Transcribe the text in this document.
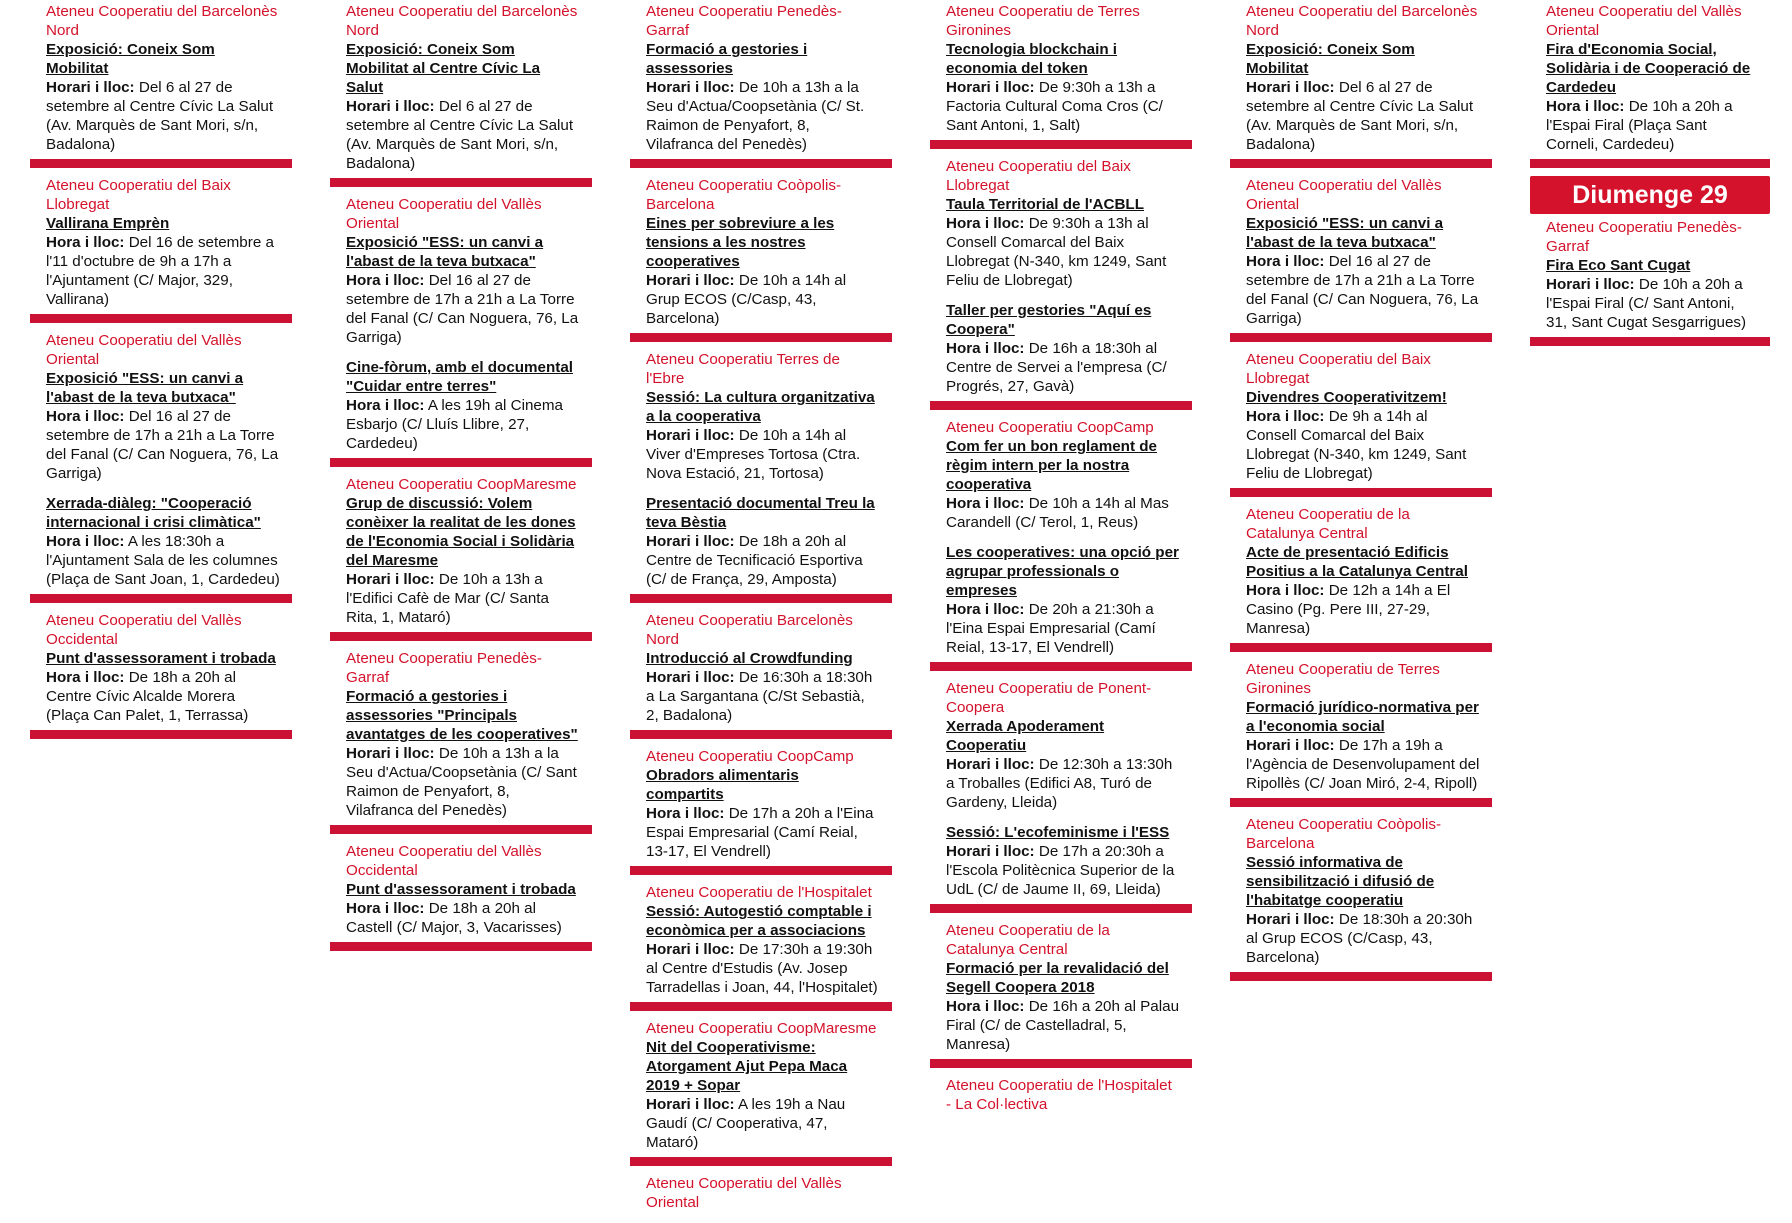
Ateneu Cooperatiu del Barcelonès Nord
Exposició: Coneix Som Mobilitat
Horari i lloc: Del 6 al 27 de setembre al Centre Cívic La Salut (Av. Marquès de Sant Mori, s/n, Badalona)
Ateneu Cooperatiu del Baix Llobregat
Vallirana Emprèn
Hora i lloc: Del 16 de setembre a l'11 d'octubre de 9h a 17h a l'Ajuntament (C/ Major, 329, Vallirana)
Ateneu Cooperatiu del Vallès Oriental
Exposició "ESS: un canvi a l'abast de la teva butxaca"
Hora i lloc: Del 16 al 27 de setembre de 17h a 21h a La Torre del Fanal (C/ Can Noguera, 76, La Garriga)
Xerrada-diàleg: "Cooperació internacional i crisi climàtica"
Hora i lloc: A les 18:30h a l'Ajuntament Sala de les columnes (Plaça de Sant Joan, 1, Cardedeu)
Ateneu Cooperatiu del Vallès Occidental
Punt d'assessorament i trobada
Hora i lloc: De 18h a 20h al Centre Cívic Alcalde Morera (Plaça Can Palet, 1, Terrassa)
Ateneu Cooperatiu del Barcelonès Nord
Exposició: Coneix Som Mobilitat al Centre Cívic La Salut
Horari i lloc: Del 6 al 27 de setembre al Centre Cívic La Salut (Av. Marquès de Sant Mori, s/n, Badalona)
Ateneu Cooperatiu del Vallès Oriental
Exposició "ESS: un canvi a l'abast de la teva butxaca"
Hora i lloc: Del 16 al 27 de setembre de 17h a 21h a La Torre del Fanal (C/ Can Noguera, 76, La Garriga)
Cine-fòrum, amb el documental "Cuidar entre terres"
Hora i lloc: A les 19h al Cinema Esbarjo (C/ Lluís Llibre, 27, Cardedeu)
Ateneu Cooperatiu CoopMaresme
Grup de discussió: Volem conèixer la realitat de les dones de l'Economia Social i Solidària del Maresme
Horari i lloc: De 10h a 13h a l'Edifici Cafè de Mar (C/ Santa Rita, 1, Mataró)
Ateneu Cooperatiu Penedès-Garraf
Formació a gestories i assessories "Principals avantatges de les cooperatives"
Horari i lloc: De 10h a 13h a la Seu d'Actua/Coopsetània (C/ Sant Raimon de Penyafort, 8, Vilafranca del Penedès)
Ateneu Cooperatiu del Vallès Occidental
Punt d'assessorament i trobada
Hora i lloc: De 18h a 20h al Castell (C/ Major, 3, Vacarisses)
Ateneu Cooperatiu Penedès-Garraf
Formació a gestories i assessories
Horari i lloc: De 10h a 13h a la Seu d'Actua/Coopsetània (C/ St. Raimon de Penyafort, 8, Vilafranca del Penedès)
Ateneu Cooperatiu Coòpolis-Barcelona
Eines per sobreviure a les tensions a les nostres cooperatives
Horari i lloc: De 10h a 14h al Grup ECOS (C/Casp, 43, Barcelona)
Ateneu Cooperatiu Terres de l'Ebre
Sessió: La cultura organitzativa a la cooperativa
Horari i lloc: De 10h a 14h al Viver d'Empreses Tortosa (Ctra. Nova Estació, 21, Tortosa)
Presentació documental Treu la teva Bèstia
Horari i lloc: De 18h a 20h al Centre de Tecnificació Esportiva (C/ de França, 29, Amposta)
Ateneu Cooperatiu Barcelonès Nord
Introducció al Crowdfunding
Horari i lloc: De 16:30h a 18:30h a La Sargantana (C/St Sebastià, 2, Badalona)
Ateneu Cooperatiu CoopCamp
Obradors alimentaris compartits
Hora i lloc: De 17h a 20h a l'Eina Espai Empresarial (Camí Reial, 13-17, El Vendrell)
Ateneu Cooperatiu de l'Hospitalet
Sessió: Autogestió comptable i econòmica per a associacions
Horari i lloc: De 17:30h a 19:30h al Centre d'Estudis (Av. Josep Tarradellas i Joan, 44, l'Hospitalet)
Ateneu Cooperatiu CoopMaresme
Nit del Cooperativisme: Atorgament Ajut Pepa Maca 2019 + Sopar
Horari i lloc: A les 19h a Nau Gaudí (C/ Cooperativa, 47, Mataró)
Ateneu Cooperatiu del Vallès Oriental
Ateneu Cooperatiu de Terres Gironines
Tecnologia blockchain i economia del token
Horari i lloc: De 9:30h a 13h a Factoria Cultural Coma Cros (C/ Sant Antoni, 1, Salt)
Ateneu Cooperatiu del Baix Llobregat
Taula Territorial de l'ACBLL
Hora i lloc: De 9:30h a 13h al Consell Comarcal del Baix Llobregat (N-340, km 1249, Sant Feliu de Llobregat)
Taller per gestories "Aquí es Coopera"
Hora i lloc: De 16h a 18:30h al Centre de Servei a l'empresa (C/ Progrés, 27, Gavà)
Ateneu Cooperatiu CoopCamp
Com fer un bon reglament de règim intern per la nostra cooperativa
Hora i lloc: De 10h a 14h al Mas Carandell (C/ Terol, 1, Reus)
Les cooperatives: una opció per agrupar professionals o empreses
Hora i lloc: De 20h a 21:30h a l'Eina Espai Empresarial (Camí Reial, 13-17, El Vendrell)
Ateneu Cooperatiu de Ponent-Coopera
Xerrada Apoderament Cooperatiu
Horari i lloc: De 12:30h a 13:30h a Troballes (Edifici A8, Turó de Gardeny, Lleida)
Sessió: L'ecofeminisme i l'ESS
Horari i lloc: De 17h a 20:30h a l'Escola Politècnica Superior de la UdL (C/ de Jaume II, 69, Lleida)
Ateneu Cooperatiu de la Catalunya Central
Formació per la revalidació del Segell Coopera 2018
Hora i lloc: De 16h a 20h al Palau Firal (C/ de Castelladral, 5, Manresa)
Ateneu Cooperatiu de l'Hospitalet - La Col·lectiva
Ateneu Cooperatiu del Barcelonès Nord
Exposició: Coneix Som Mobilitat
Horari i lloc: Del 6 al 27 de setembre al Centre Cívic La Salut (Av. Marquès de Sant Mori, s/n, Badalona)
Ateneu Cooperatiu del Vallès Oriental
Exposició "ESS: un canvi a l'abast de la teva butxaca"
Hora i lloc: Del 16 al 27 de setembre de 17h a 21h a La Torre del Fanal (C/ Can Noguera, 76, La Garriga)
Ateneu Cooperatiu del Baix Llobregat
Divendres Cooperativitzem!
Hora i lloc: De 9h a 14h al Consell Comarcal del Baix Llobregat (N-340, km 1249, Sant Feliu de Llobregat)
Ateneu Cooperatiu de la Catalunya Central
Acte de presentació Edificis Positius a la Catalunya Central
Hora i lloc: De 12h a 14h a El Casino (Pg. Pere III, 27-29, Manresa)
Ateneu Cooperatiu de Terres Gironines
Formació jurídico-normativa per a l'economia social
Horari i lloc: De 17h a 19h a l'Agència de Desenvolupament del Ripollès (C/ Joan Miró, 2-4, Ripoll)
Ateneu Cooperatiu Coòpolis-Barcelona
Sessió informativa de sensibilització i difusió de l'habitatge cooperatiu
Horari i lloc: De 18:30h a 20:30h al Grup ECOS (C/Casp, 43, Barcelona)
Ateneu Cooperatiu del Vallès Oriental
Fira d'Economia Social, Solidària i de Cooperació de Cardedeu
Hora i lloc: De 10h a 20h a l'Espai Firal (Plaça Sant Corneli, Cardedeu)
Diumenge 29
Ateneu Cooperatiu Penedès-Garraf
Fira Eco Sant Cugat
Horari i lloc: De 10h a 20h a l'Espai Firal (C/ Sant Antoni, 31, Sant Cugat Sesgarrigues)
